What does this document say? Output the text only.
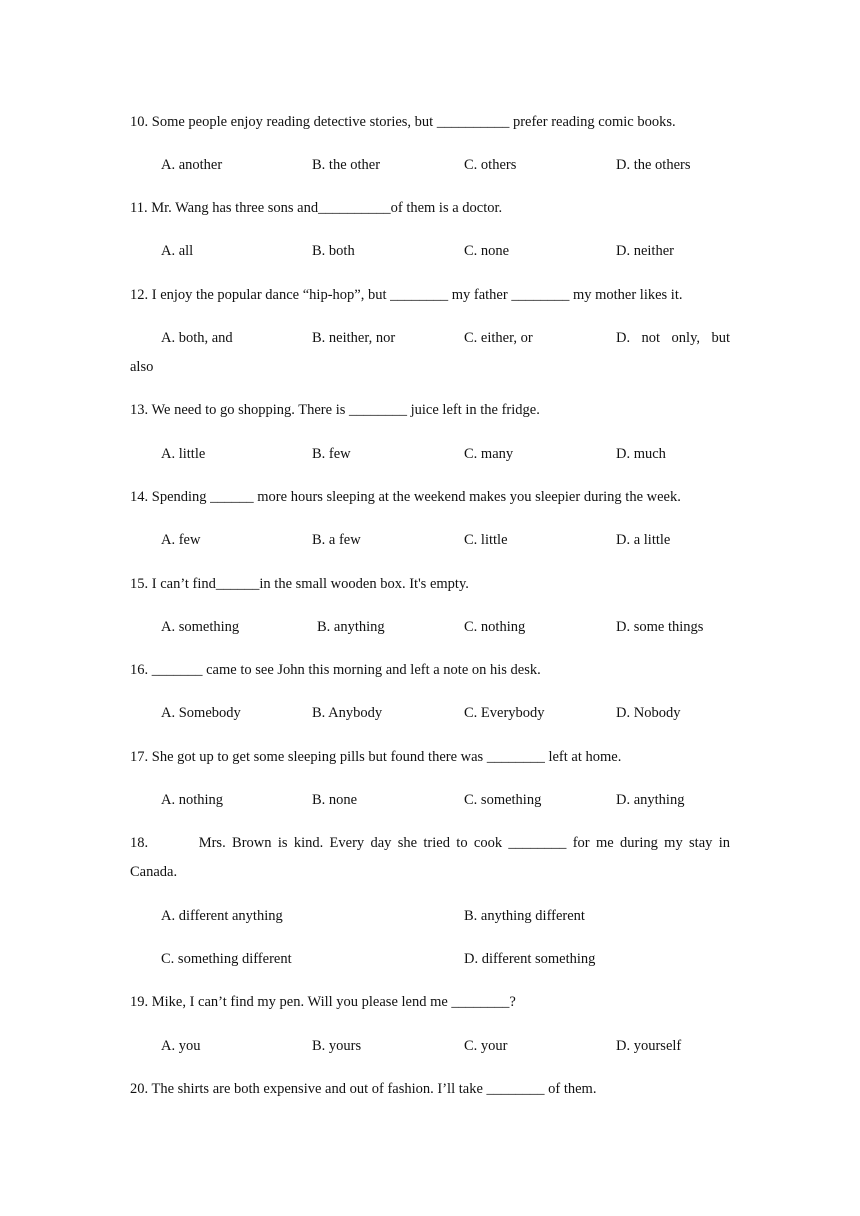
10. Some people enjoy reading detective stories, but __________ prefer reading comic books.
A. another	B. the other	C. others	D. the others
11. Mr. Wang has three sons and__________of them is a doctor.
A. all	B. both	C. none	D. neither
12. I enjoy the popular dance “hip-hop”, but ________ my father ________ my mother likes it.
A. both, and	B. neither, nor	C. either, or	D. not only, but
also
13. We need to go shopping. There is ________ juice left in the fridge.
A. little	B. few	C. many	D. much
14. Spending ______ more hours sleeping at the weekend makes you sleepier during the week.
A. few	B. a few	C. little	D. a little
15. I can’t find______in the small wooden box. It's empty.
A. something	B. anything	C. nothing	D. some things
16. _______ came to see John this morning and left a note on his desk.
A. Somebody	B. Anybody	C. Everybody	D. Nobody
17. She got up to get some sleeping pills but found there was ________ left at home.
A. nothing	B. none	C. something	D. anything
18.        Mrs. Brown is kind. Every day she tried to cook ________ for me during my stay in
Canada.
A. different anything	B. anything different
C. something different	D. different something
19. Mike, I can’t find my pen. Will you please lend me ________?
A. you	B. yours	C. your	D. yourself
20. The shirts are both expensive and out of fashion. I’ll take ________ of them.
